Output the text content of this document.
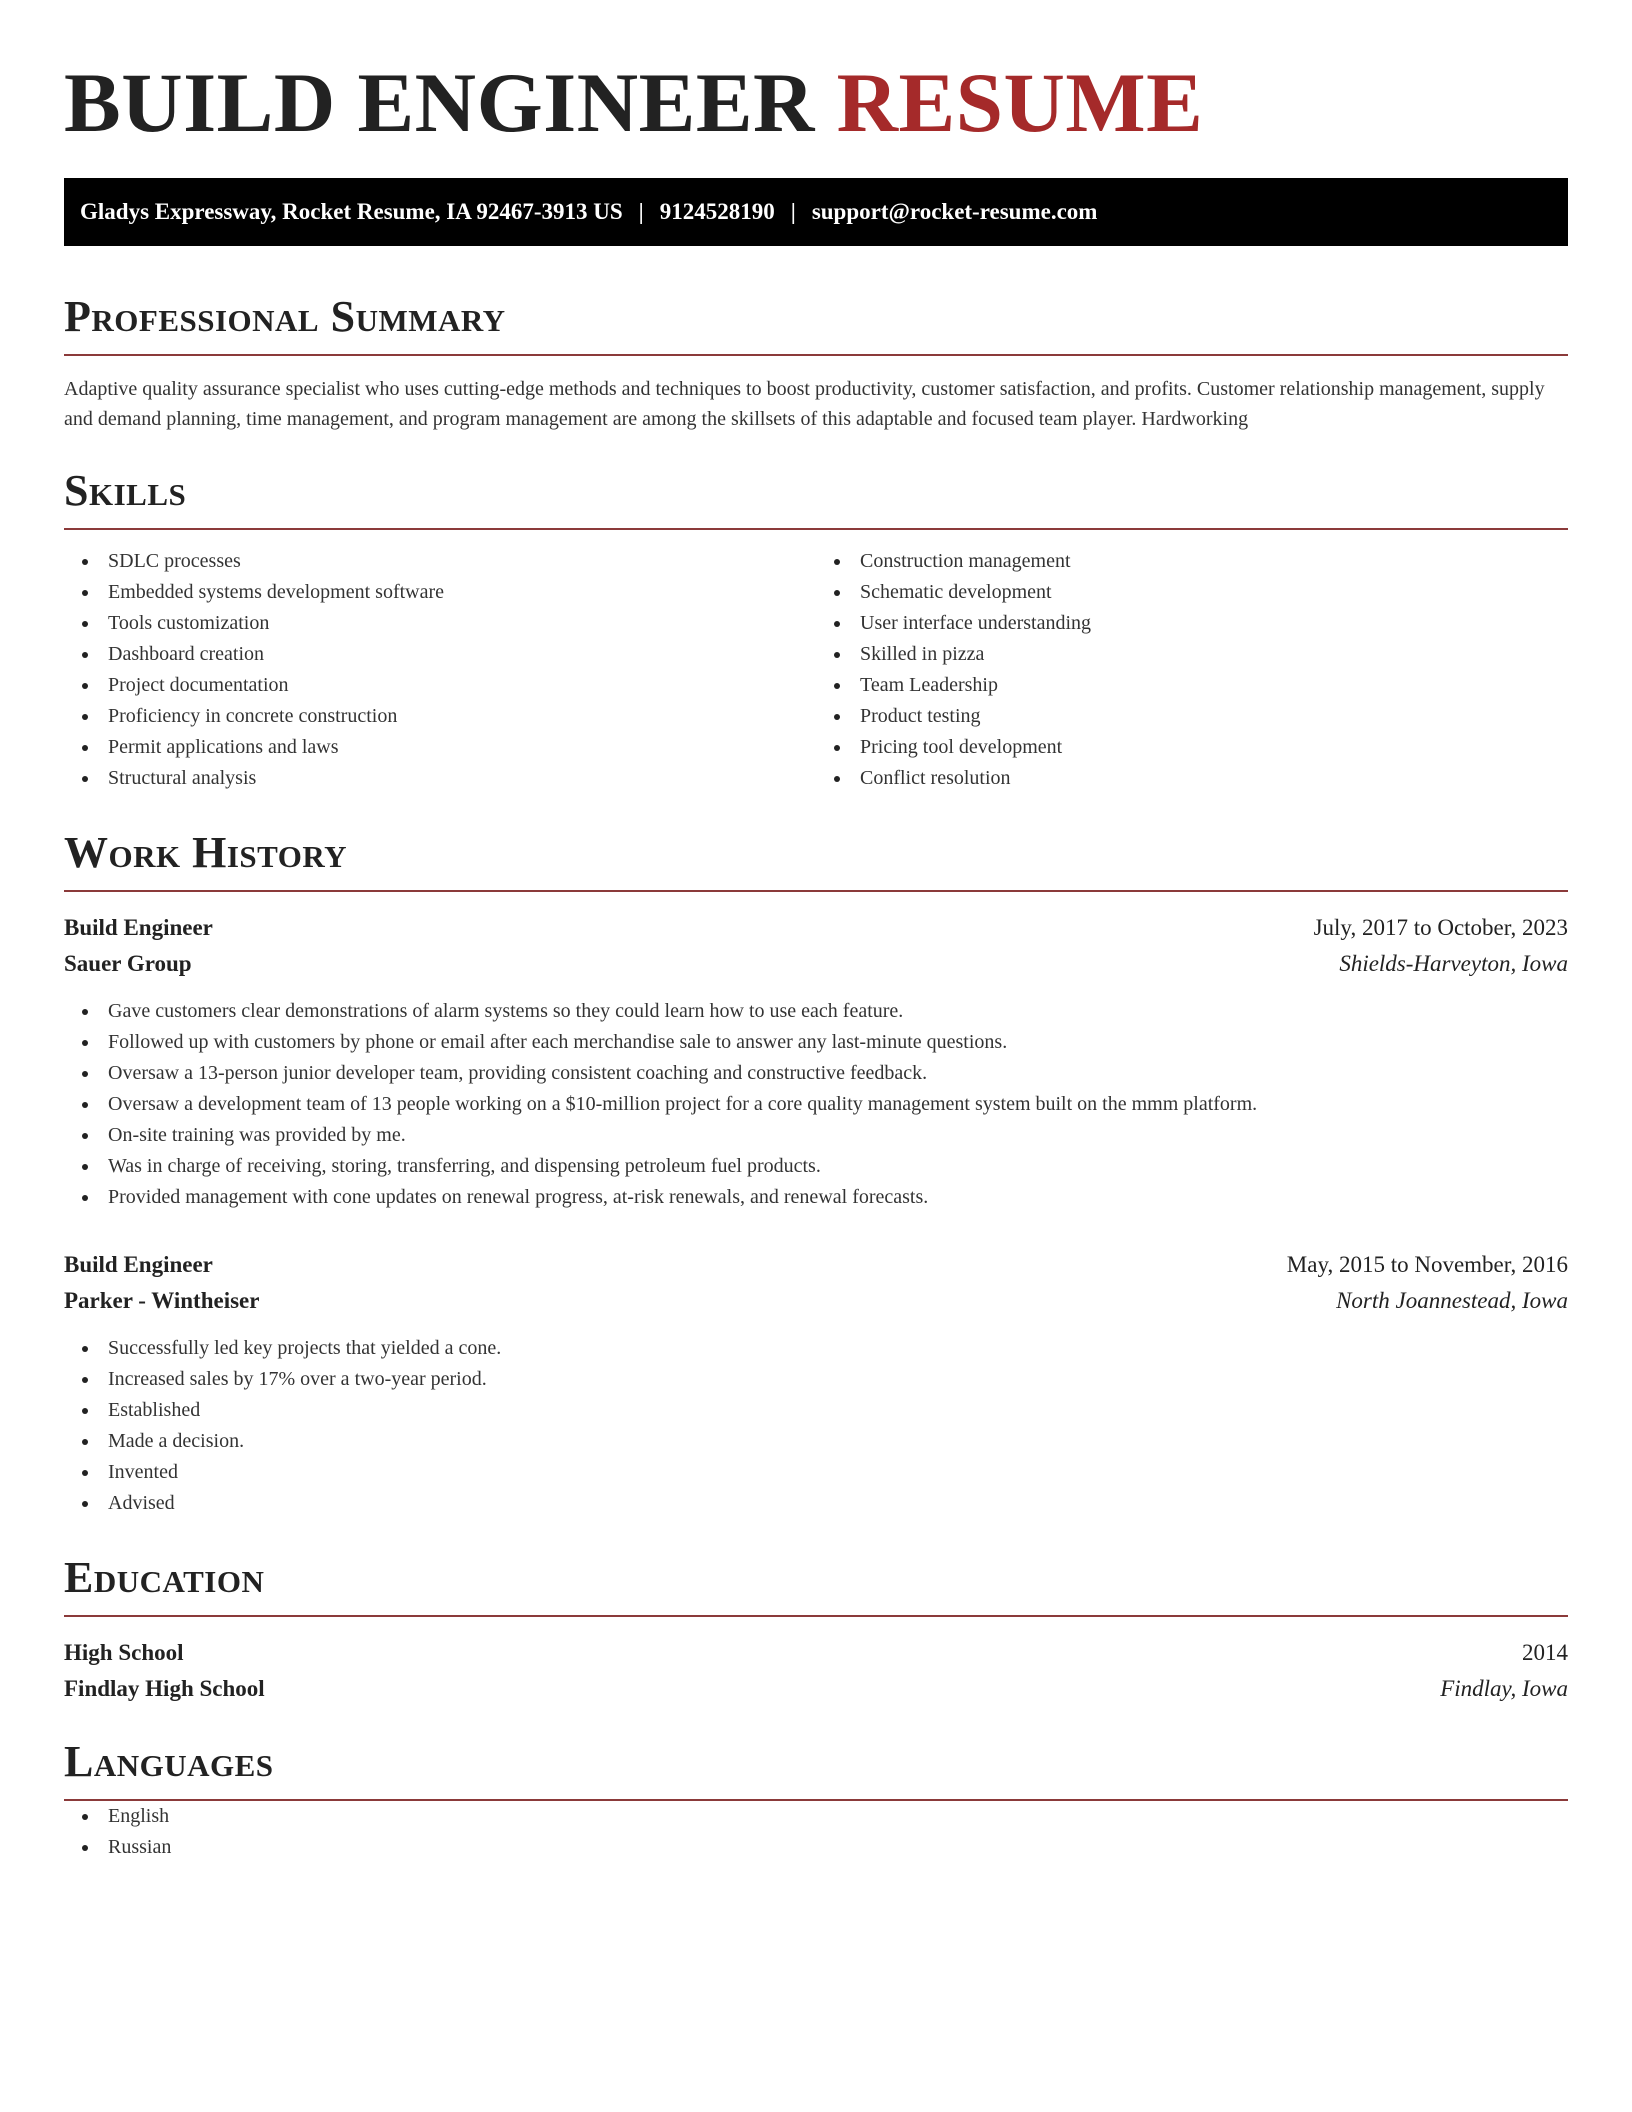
BUILD ENGINEER RESUME
Gladys Expressway, Rocket Resume, IA 92467-3913 US | 9124528190 | support@rocket-resume.com
Professional Summary

Adaptive quality assurance specialist who uses cutting-edge methods and techniques to boost productivity, customer satisfaction, and profits. Customer relationship management, supply and demand planning, time management, and program management are among the skillsets of this adaptable and focused team player. Hardworking

Skills
SDLC processes
Embedded systems development software
Tools customization
Dashboard creation
Project documentation
Proficiency in concrete construction
Permit applications and laws
Structural analysis
Construction management
Schematic development
User interface understanding
Skilled in pizza
Team Leadership
Product testing
Pricing tool development
Conflict resolution
Work History
Build Engineer	July, 2017 to October, 2023
Sauer Group	Shields-Harveyton, Iowa
Gave customers clear demonstrations of alarm systems so they could learn how to use each feature.
Followed up with customers by phone or email after each merchandise sale to answer any last-minute questions.
Oversaw a 13-person junior developer team, providing consistent coaching and constructive feedback.
Oversaw a development team of 13 people working on a $10-million project for a core quality management system built on the mmm platform.
On-site training was provided by me.
Was in charge of receiving, storing, transferring, and dispensing petroleum fuel products.
Provided management with cone updates on renewal progress, at-risk renewals, and renewal forecasts.
Build Engineer	May, 2015 to November, 2016
Parker - Wintheiser	North Joannestead, Iowa
Successfully led key projects that yielded a cone.
Increased sales by 17% over a two-year period.
Established
Made a decision.
Invented
Advised
Education
High School	2014
Findlay High School	Findlay, Iowa
Languages
English
Russian
